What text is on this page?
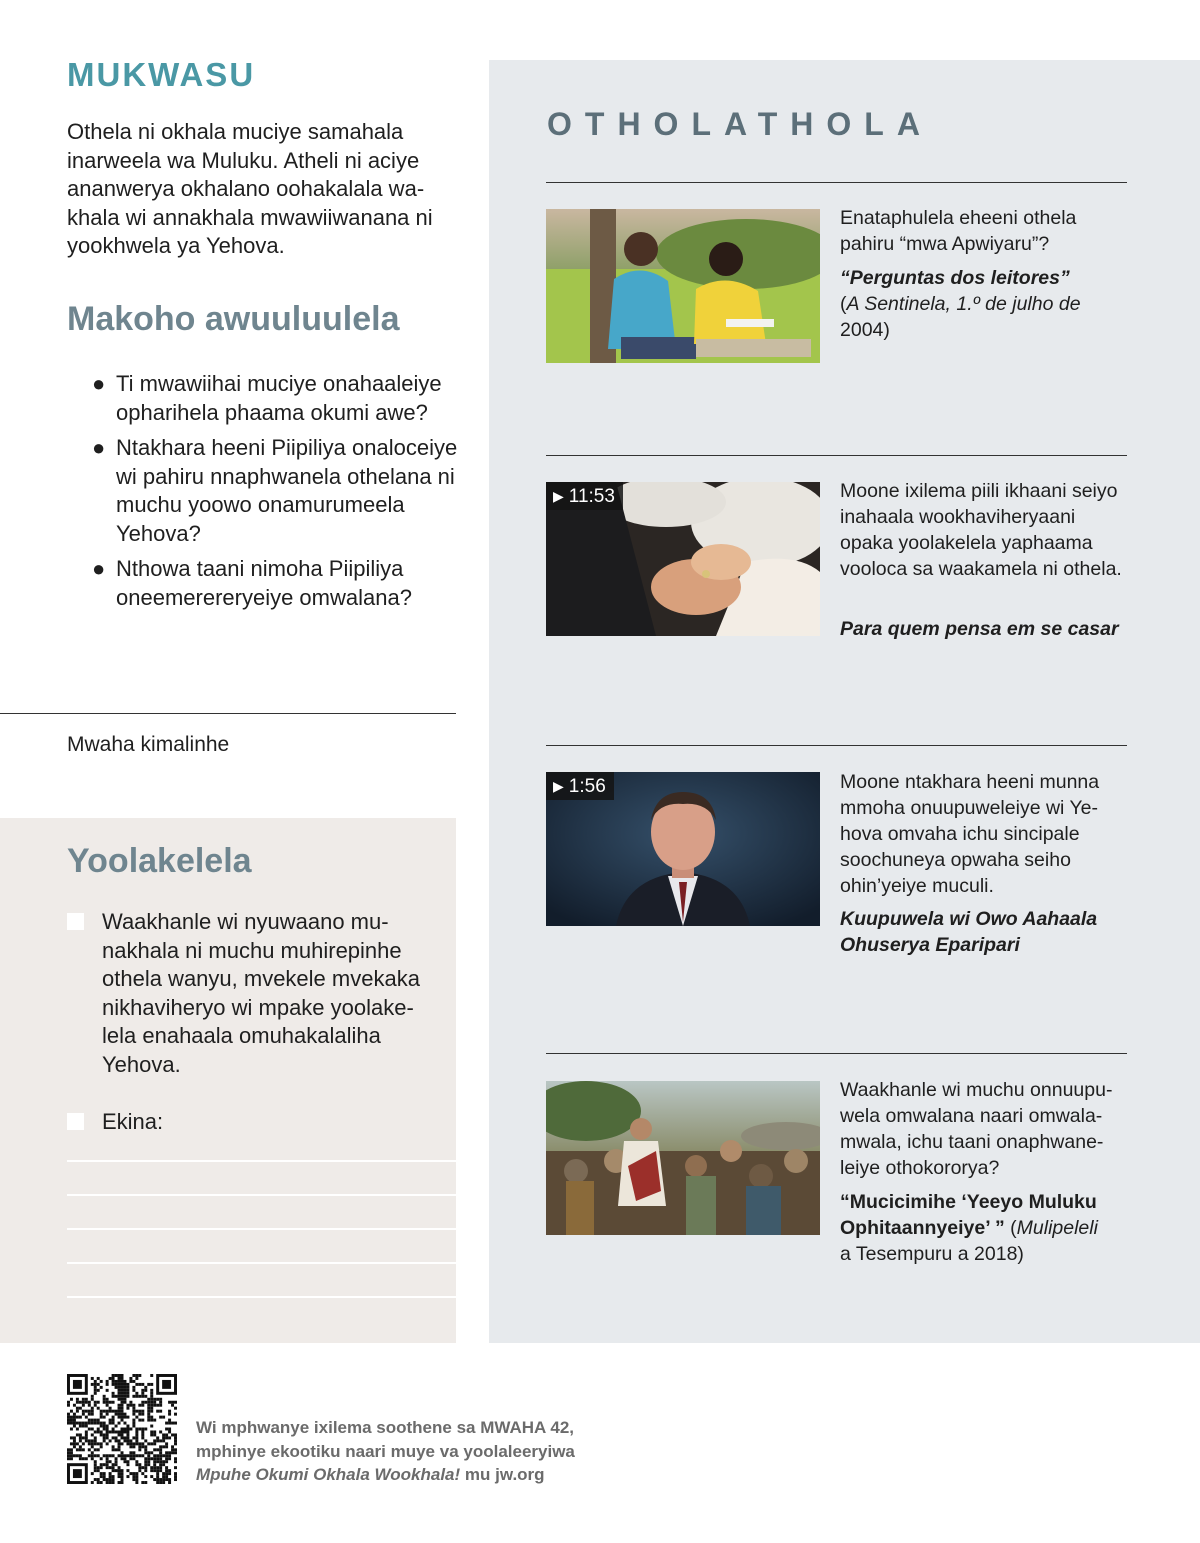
MUKWASU

Othela ni okhala muciye samahala inarweela wa Muluku. Atheli ni aciye ananwerya okhalano oohakalala wakhala wi annakhala mwawiiwanana ni yookhwela ya Yehova.

Makoho awuuluulela
● Ti mwawiihai muciye onahaaleiye opharihela phaama okumi awe?
● Ntakhara heeni Piipiliya onaloceiye wi pahiru nnaphwanela othelana ni muchu yoowo onamurumeela Yehova?
● Nthowa taani nimoha Piipiliya oneemerereryeiye omwalana?
Mwaha kimalinhe
Yoolakelela
Waakhanle wi nyuwaano munakhala ni muchu muhirepinhe othela wanyu, mvekele mvekaka nikhaviheryo wi mpake yoolakelela enahaala omuhakalaliha Yehova.
Ekina:
OTHOLATHOLA
Enataphulela eheeni othela pahiru “mwa Apwiyaru”?
“Perguntas dos leitores”
(A Sentinela, 1.º de julho de 2004)
▶ 11:53	Moone ixilema piili ikhaani seiyo inahaala wookhaviheryaani opaka yoolakelela yaphaama vooloca sa waakamela ni othela.
Para quem pensa em se casar
▶ 1:56	Moone ntakhara heeni munna mmoha onuupuweleiye wi Yehova omvaha ichu sincipale soochuneya opwaha seiho ohin’yeiye muculi.
Kuupuwela wi Owo Aahaala Ohuserya Eparipari
Waakhanle wi muchu onnuupuwela omwalana naari omwalamwala, ichu taani onaphwaneleiye othokororya?
“Mucicimihe ‘Yeeyo Muluku Ophitaannyeiye’ ” (Mulipeleli
a Tesempuru a 2018)
Wi mphwanye ixilema soothene sa MWAHA 42,
mphinye ekootiku naari muye va yoolaleeryiwa
Mpuhe Okumi Okhala Wookhala! mu jw.org
